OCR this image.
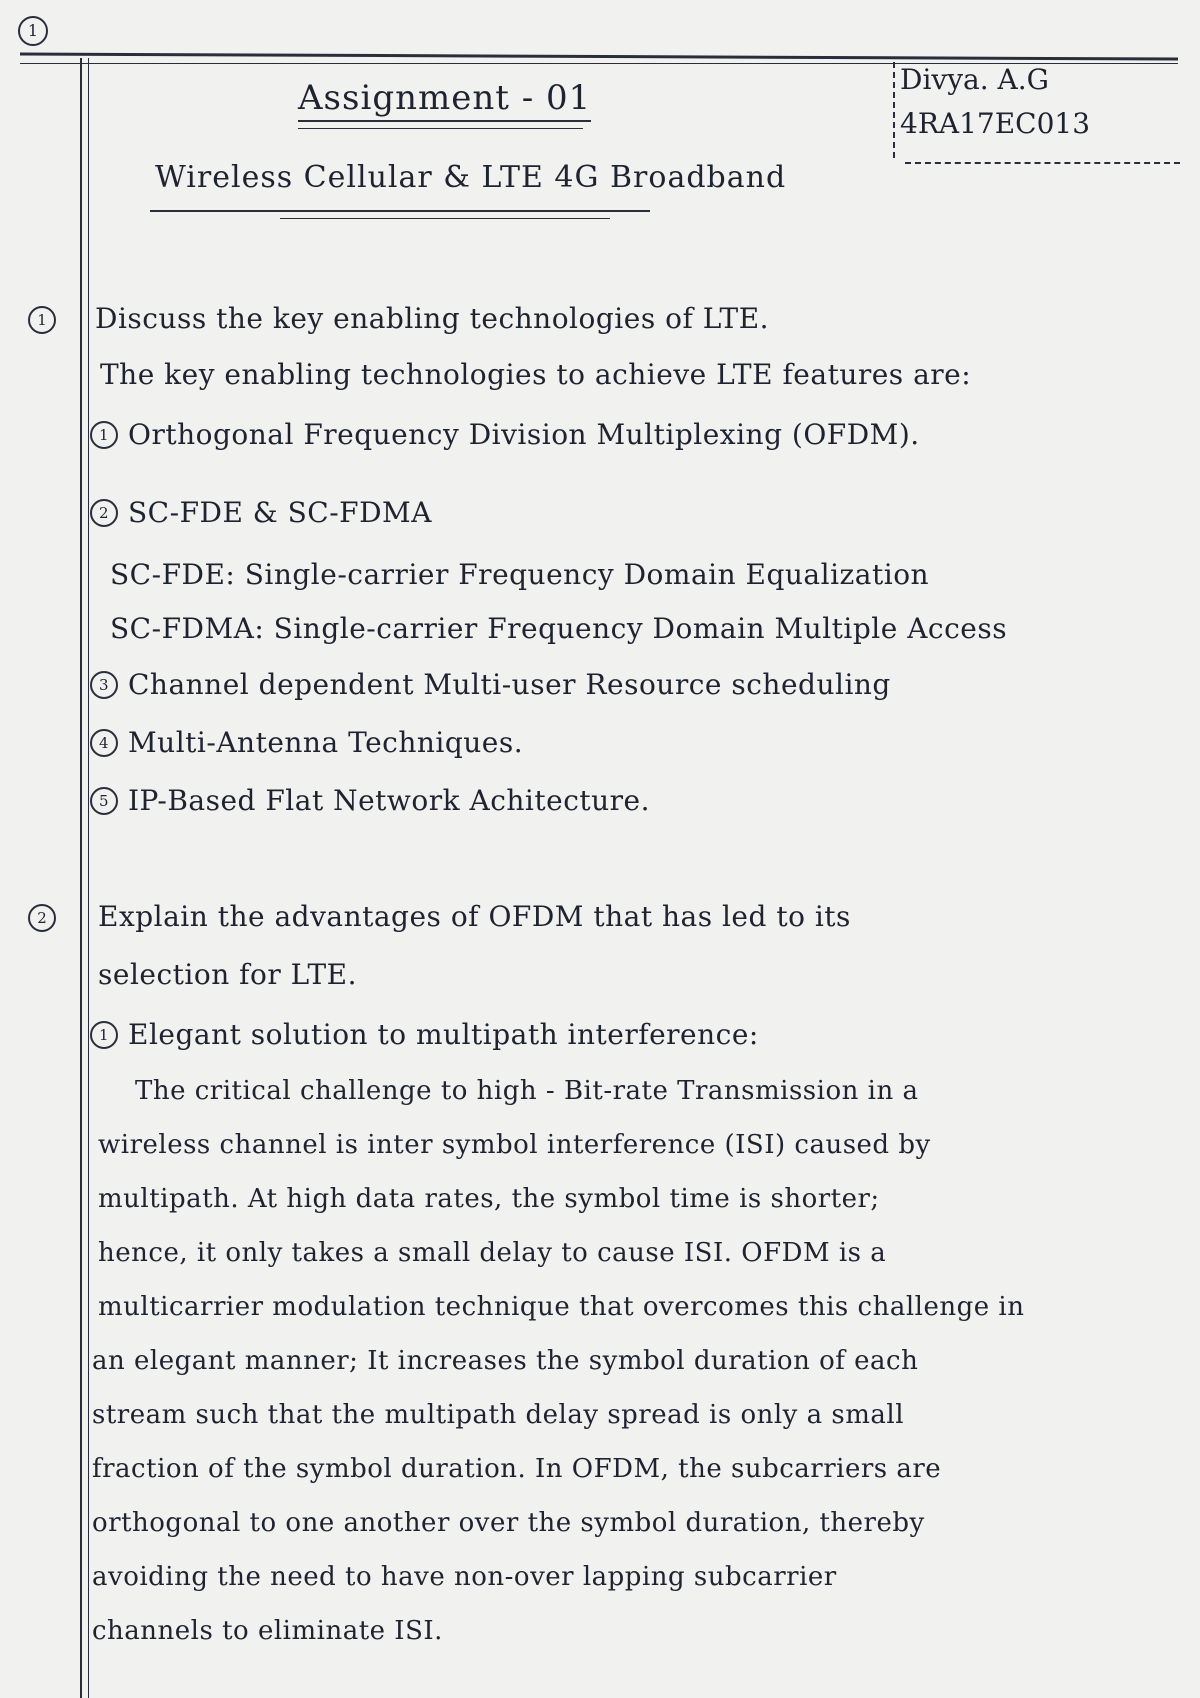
1
Assignment - 01
Wireless Cellular & LTE 4G Broadband
Divya. A.G
4RA17EC013
1	Discuss the key enabling technologies of LTE.
The key enabling technologies to achieve LTE features are:
1 Orthogonal Frequency Division Multiplexing (OFDM).
2 SC-FDE & SC-FDMA
SC-FDE: Single-carrier Frequency Domain Equalization
SC-FDMA: Single-carrier Frequency Domain Multiple Access
3 Channel dependent Multi-user Resource scheduling
4 Multi-Antenna Techniques.
5 IP-Based Flat Network Achitecture.
2	Explain the advantages of OFDM that has led to its
selection for LTE.
1 Elegant solution to multipath interference:
The critical challenge to high - Bit-rate Transmission in a
wireless channel is inter symbol interference (ISI) caused by
multipath. At high data rates, the symbol time is shorter;
hence, it only takes a small delay to cause ISI. OFDM is a
multicarrier modulation technique that overcomes this challenge in
an elegant manner; It increases the symbol duration of each
stream such that the multipath delay spread is only a small
fraction of the symbol duration. In OFDM, the subcarriers are
orthogonal to one another over the symbol duration, thereby
avoiding the need to have non-over lapping subcarrier
channels to eliminate ISI.
